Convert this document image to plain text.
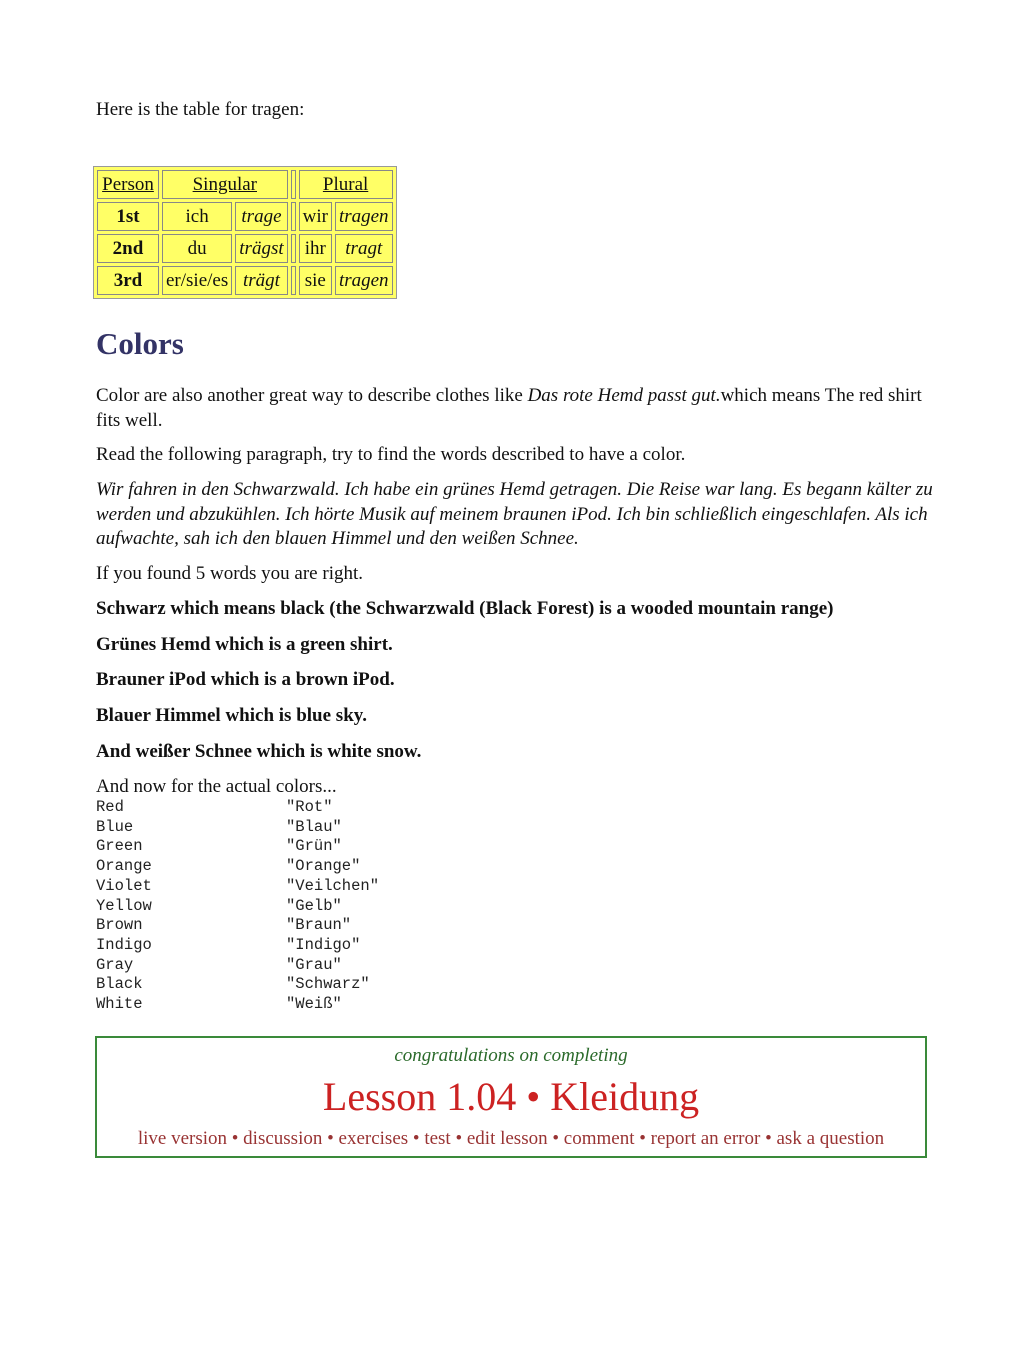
Here is the table for tragen:

Person	Singular			Plural	
1st	ich	trage		wir	tragen
2nd	du	trägst		ihr	tragt
3rd	er/sie/es	trägt		sie	tragen
Colors

Color are also another great way to describe clothes like Das rote Hemd passt gut.which means The red shirt fits well.

Read the following paragraph, try to find the words described to have a color.

Wir fahren in den Schwarzwald. Ich habe ein grünes Hemd getragen. Die Reise war lang. Es begann kälter zu werden und abzukühlen. Ich hörte Musik auf meinem braunen iPod. Ich bin schließlich eingeschlafen. Als ich aufwachte, sah ich den blauen Himmel und den weißen Schnee.

If you found 5 words you are right.

Schwarz which means black (the Schwarzwald (Black Forest) is a wooded mountain range)

Grünes Hemd which is a green shirt.

Brauner iPod which is a brown iPod.

Blauer Himmel which is blue sky.

And weißer Schnee which is white snow.

And now for the actual colors...

Red	"Rot"
Blue	"Blau"
Green	"Grün"
Orange	"Orange"
Violet	"Veilchen"
Yellow	"Gelb"
Brown	"Braun"
Indigo	"Indigo"
Gray	"Grau"
Black	"Schwarz"
White	"Weiß"
congratulations on completing
Lesson 1.04 • Kleidung
live version • discussion • exercises • test • edit lesson • comment • report an error • ask a question
